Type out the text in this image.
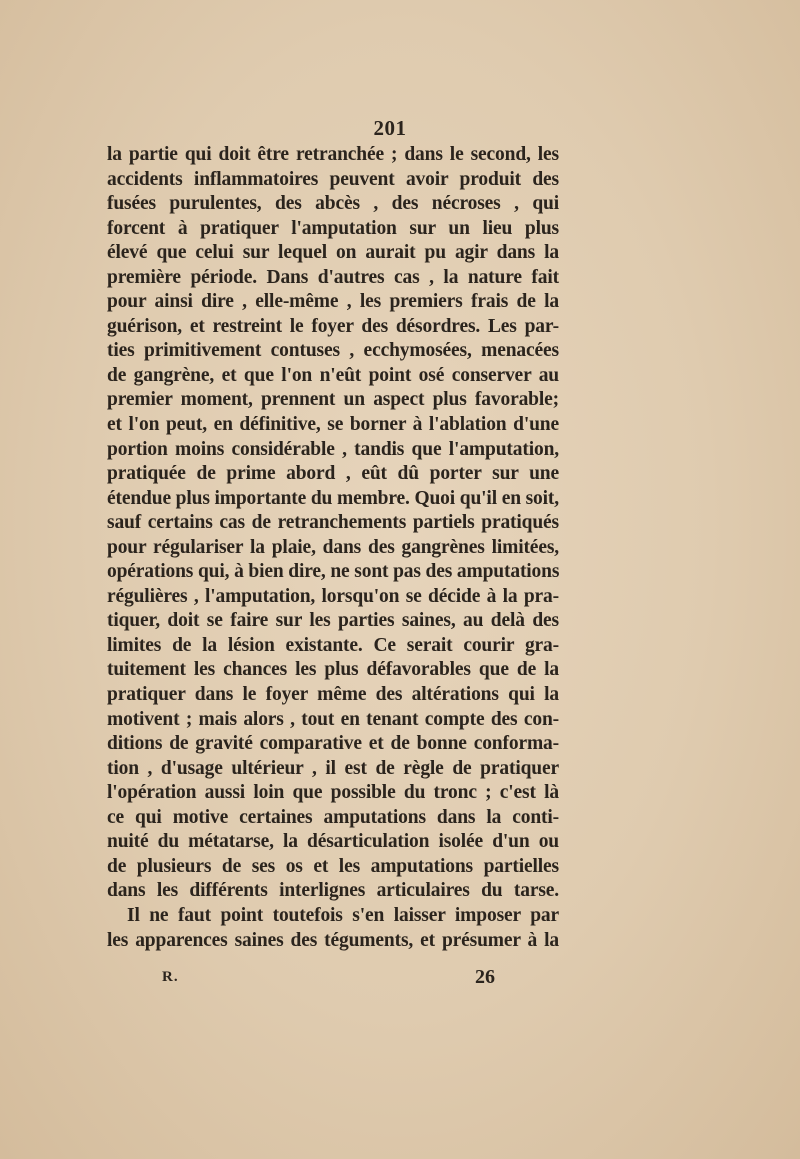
201
la partie qui doit être retranchée ; dans le second, les
accidents inflammatoires peuvent avoir produit des
fusées purulentes, des abcès , des nécroses , qui
forcent à pratiquer l'amputation sur un lieu plus
élevé que celui sur lequel on aurait pu agir dans la
première période. Dans d'autres cas , la nature fait
pour ainsi dire , elle-même , les premiers frais de la
guérison, et restreint le foyer des désordres. Les par-
ties primitivement contuses , ecchymosées, menacées
de gangrène, et que l'on n'eût point osé conserver au
premier moment, prennent un aspect plus favorable;
et l'on peut, en définitive, se borner à l'ablation d'une
portion moins considérable , tandis que l'amputation,
pratiquée de prime abord , eût dû porter sur une
étendue plus importante du membre. Quoi qu'il en soit,
sauf certains cas de retranchements partiels pratiqués
pour régulariser la plaie, dans des gangrènes limitées,
opérations qui, à bien dire, ne sont pas des amputations
régulières , l'amputation, lorsqu'on se décide à la pra-
tiquer, doit se faire sur les parties saines, au delà des
limites de la lésion existante. Ce serait courir gra-
tuitement les chances les plus défavorables que de la
pratiquer dans le foyer même des altérations qui la
motivent ; mais alors , tout en tenant compte des con-
ditions de gravité comparative et de bonne conforma-
tion , d'usage ultérieur , il est de règle de pratiquer
l'opération aussi loin que possible du tronc ; c'est là
ce qui motive certaines amputations dans la conti-
nuité du métatarse, la désarticulation isolée d'un ou
de plusieurs de ses os et les amputations partielles
dans les différents interlignes articulaires du tarse.
Il ne faut point toutefois s'en laisser imposer par
les apparences saines des téguments, et présumer à la
R.	26
